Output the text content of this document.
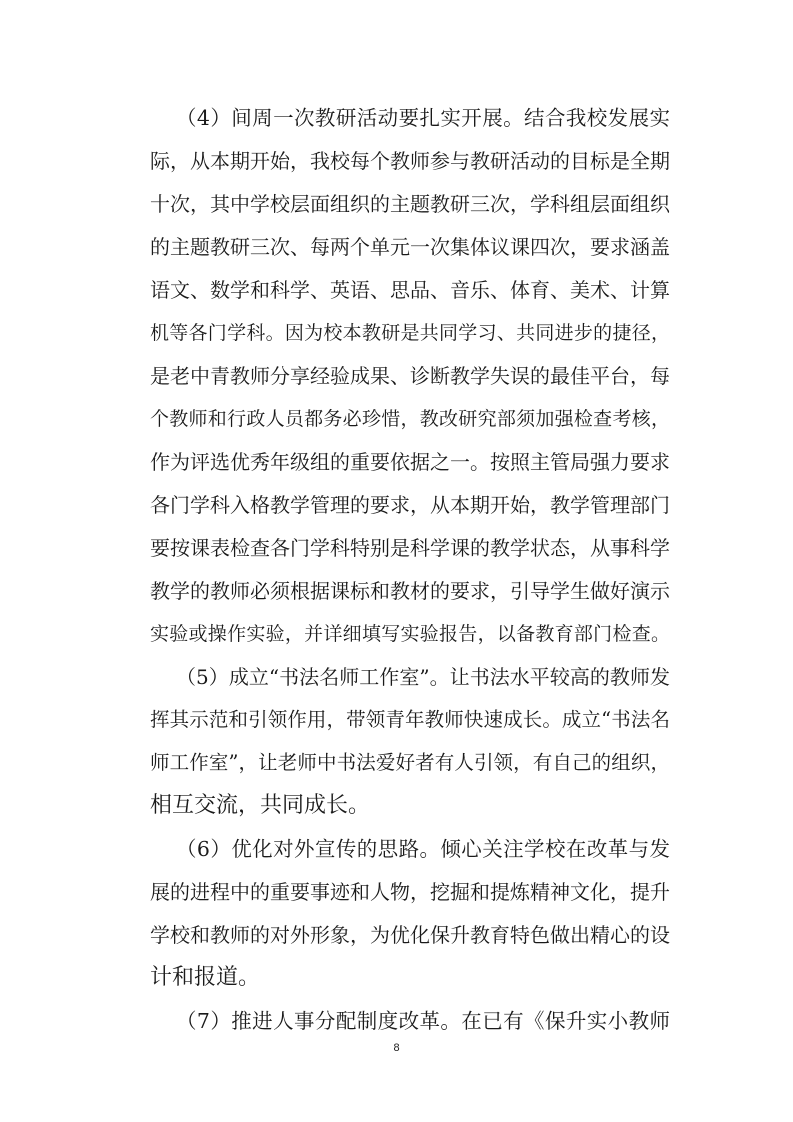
（4）间周一次教研活动要扎实开展。结合我校发展实
际，从本期开始，我校每个教师参与教研活动的目标是全期
十次，其中学校层面组织的主题教研三次，学科组层面组织
的主题教研三次、每两个单元一次集体议课四次，要求涵盖
语文、数学和科学、英语、思品、音乐、体育、美术、计算
机等各门学科。因为校本教研是共同学习、共同进步的捷径，
是老中青教师分享经验成果、诊断教学失误的最佳平台，每
个教师和行政人员都务必珍惜，教改研究部须加强检查考核，
作为评选优秀年级组的重要依据之一。按照主管局强力要求
各门学科入格教学管理的要求，从本期开始，教学管理部门
要按课表检查各门学科特别是科学课的教学状态，从事科学
教学的教师必须根据课标和教材的要求，引导学生做好演示
实验或操作实验，并详细填写实验报告，以备教育部门检查。
（5）成立“书法名师工作室”。让书法水平较高的教师发
挥其示范和引领作用，带领青年教师快速成长。成立“书法名
师工作室”，让老师中书法爱好者有人引领，有自己的组织，
相互交流，共同成长。
（6）优化对外宣传的思路。倾心关注学校在改革与发
展的进程中的重要事迹和人物，挖掘和提炼精神文化，提升
学校和教师的对外形象，为优化保升教育特色做出精心的设
计和报道。
（7）推进人事分配制度改革。在已有《保升实小教师
8
